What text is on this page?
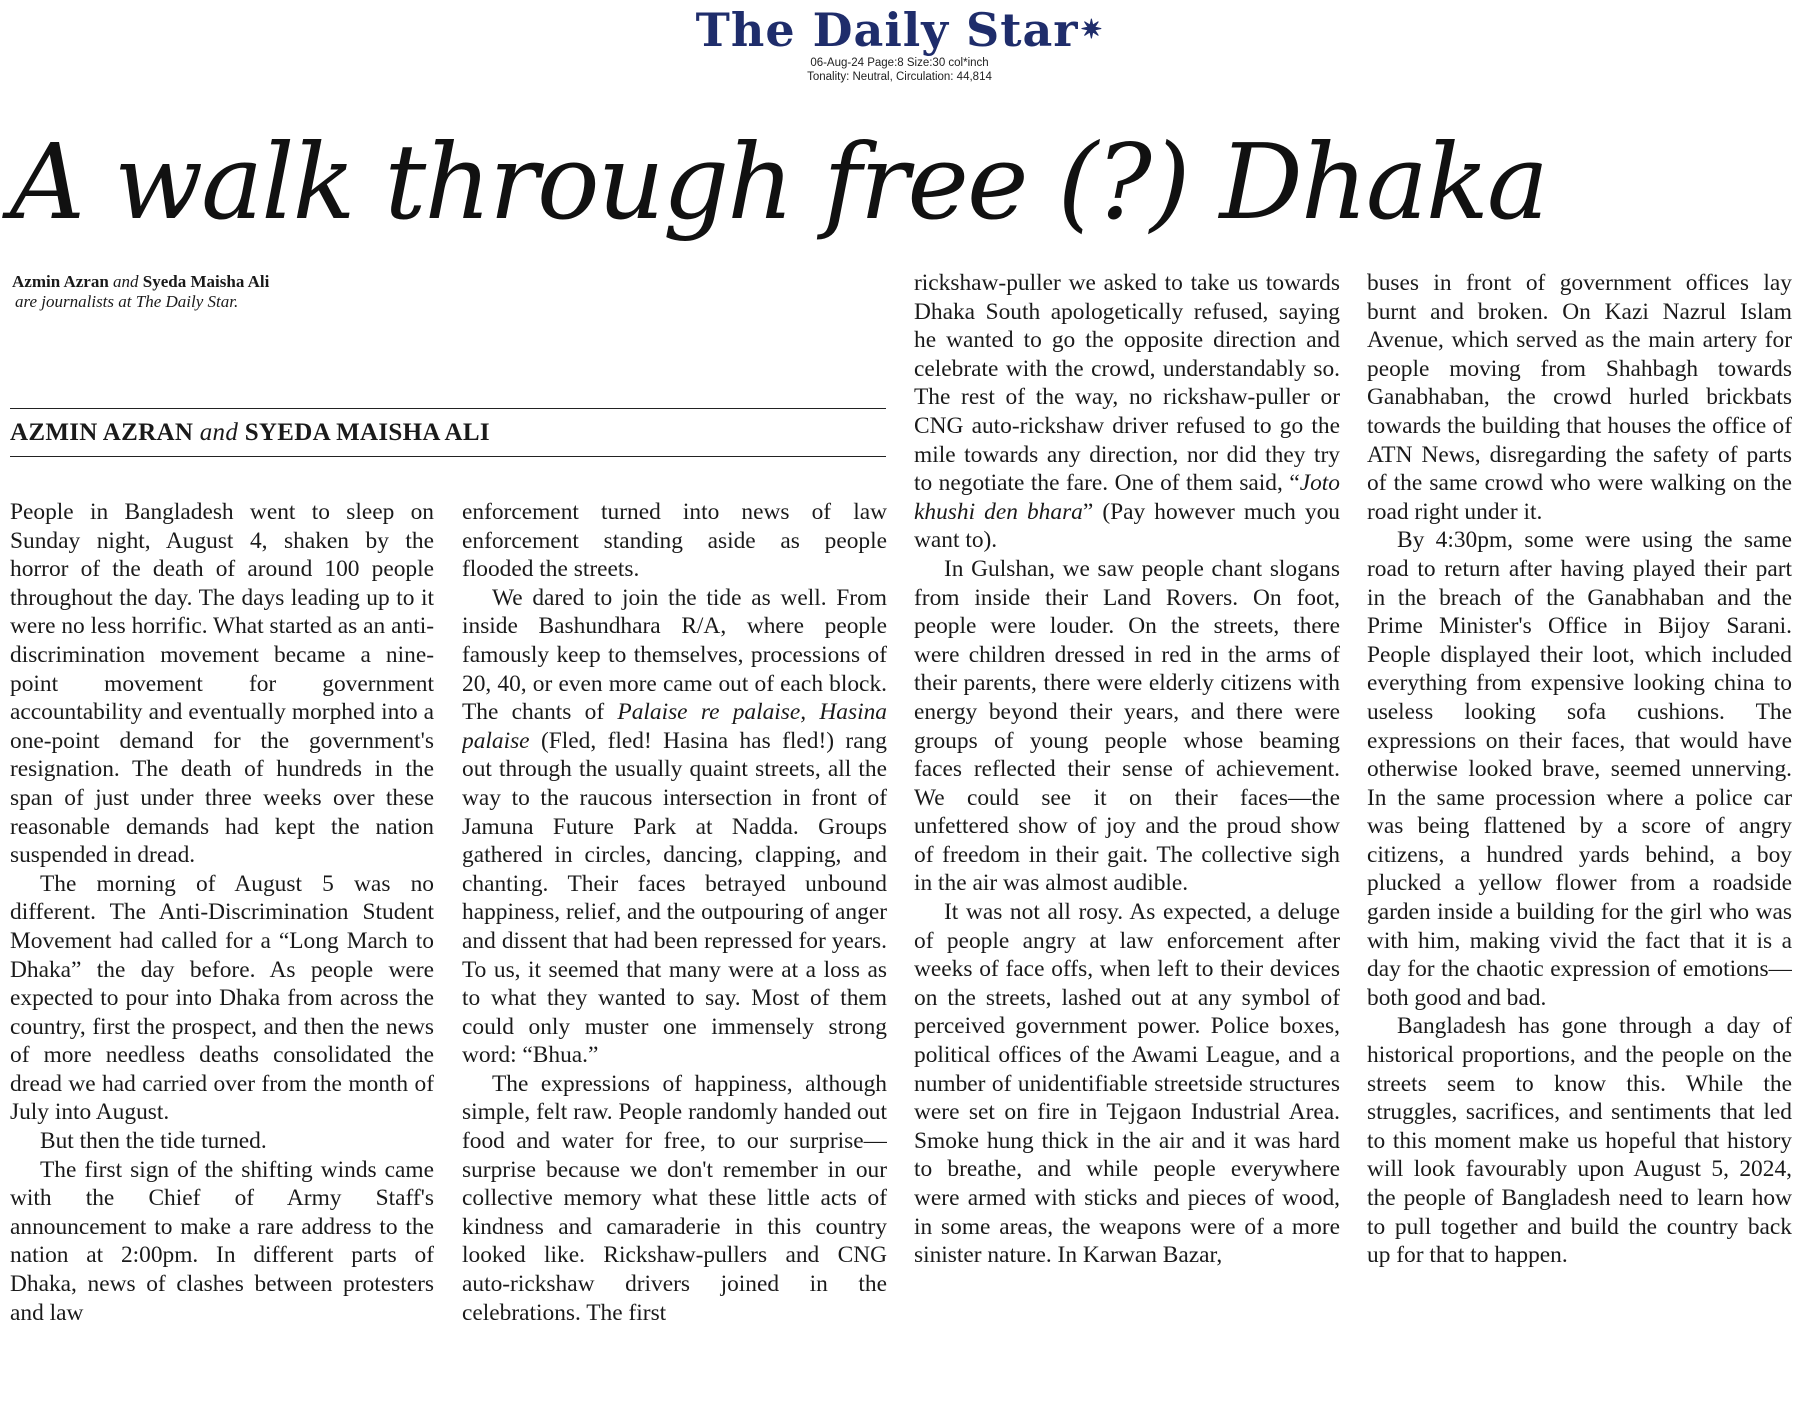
The Daily Star✷
06-Aug-24 Page:8 Size:30 col*inch
Tonality: Neutral, Circulation: 44,814
A walk through free (?) Dhaka
Azmin Azran and Syeda Maisha Ali
are journalists at The Daily Star.
AZMIN AZRAN and SYEDA MAISHA ALI

People in Bangladesh went to sleep on Sunday night, August 4, shaken by the horror of the death of around 100 people throughout the day. The days leading up to it were no less horrific. What started as an anti-discrimination movement became a nine-point movement for government accountability and eventually morphed into a one-point demand for the government's resignation. The death of hundreds in the span of just under three weeks over these reasonable demands had kept the nation suspended in dread.

The morning of August 5 was no different. The Anti-Discrimination Student Movement had called for a “Long March to Dhaka” the day before. As people were expected to pour into Dhaka from across the country, first the prospect, and then the news of more needless deaths consolidated the dread we had carried over from the month of July into August.

But then the tide turned.

The first sign of the shifting winds came with the Chief of Army Staff's announcement to make a rare address to the nation at 2:00pm. In different parts of Dhaka, news of clashes between protesters and law

enforcement turned into news of law enforcement standing aside as people flooded the streets.

We dared to join the tide as well. From inside Bashundhara R/A, where people famously keep to themselves, processions of 20, 40, or even more came out of each block. The chants of Palaise re palaise, Hasina palaise (Fled, fled! Hasina has fled!) rang out through the usually quaint streets, all the way to the raucous intersection in front of Jamuna Future Park at Nadda. Groups gathered in circles, dancing, clapping, and chanting. Their faces betrayed unbound happiness, relief, and the outpouring of anger and dissent that had been repressed for years. To us, it seemed that many were at a loss as to what they wanted to say. Most of them could only muster one immensely strong word: “Bhua.”

The expressions of happiness, although simple, felt raw. People randomly handed out food and water for free, to our surprise—surprise because we don't remember in our collective memory what these little acts of kindness and camaraderie in this country looked like. Rickshaw-pullers and CNG auto-rickshaw drivers joined in the celebrations. The first

rickshaw-puller we asked to take us towards Dhaka South apologetically refused, saying he wanted to go the opposite direction and celebrate with the crowd, understandably so. The rest of the way, no rickshaw-puller or CNG auto-rickshaw driver refused to go the mile towards any direction, nor did they try to negotiate the fare. One of them said, “Joto khushi den bhara” (Pay however much you want to).

In Gulshan, we saw people chant slogans from inside their Land Rovers. On foot, people were louder. On the streets, there were children dressed in red in the arms of their parents, there were elderly citizens with energy beyond their years, and there were groups of young people whose beaming faces reflected their sense of achievement. We could see it on their faces—the unfettered show of joy and the proud show of freedom in their gait. The collective sigh in the air was almost audible.

It was not all rosy. As expected, a deluge of people angry at law enforcement after weeks of face offs, when left to their devices on the streets, lashed out at any symbol of perceived government power. Police boxes, political offices of the Awami League, and a number of unidentifiable streetside structures were set on fire in Tejgaon Industrial Area. Smoke hung thick in the air and it was hard to breathe, and while people everywhere were armed with sticks and pieces of wood, in some areas, the weapons were of a more sinister nature. In Karwan Bazar,

buses in front of government offices lay burnt and broken. On Kazi Nazrul Islam Avenue, which served as the main artery for people moving from Shahbagh towards Ganabhaban, the crowd hurled brickbats towards the building that houses the office of ATN News, disregarding the safety of parts of the same crowd who were walking on the road right under it.

By 4:30pm, some were using the same road to return after having played their part in the breach of the Ganabhaban and the Prime Minister's Office in Bijoy Sarani. People displayed their loot, which included everything from expensive looking china to useless looking sofa cushions. The expressions on their faces, that would have otherwise looked brave, seemed unnerving. In the same procession where a police car was being flattened by a score of angry citizens, a hundred yards behind, a boy plucked a yellow flower from a roadside garden inside a building for the girl who was with him, making vivid the fact that it is a day for the chaotic expression of emotions—both good and bad.

Bangladesh has gone through a day of historical proportions, and the people on the streets seem to know this. While the struggles, sacrifices, and sentiments that led to this moment make us hopeful that history will look favourably upon August 5, 2024, the people of Bangladesh need to learn how to pull together and build the country back up for that to happen.
